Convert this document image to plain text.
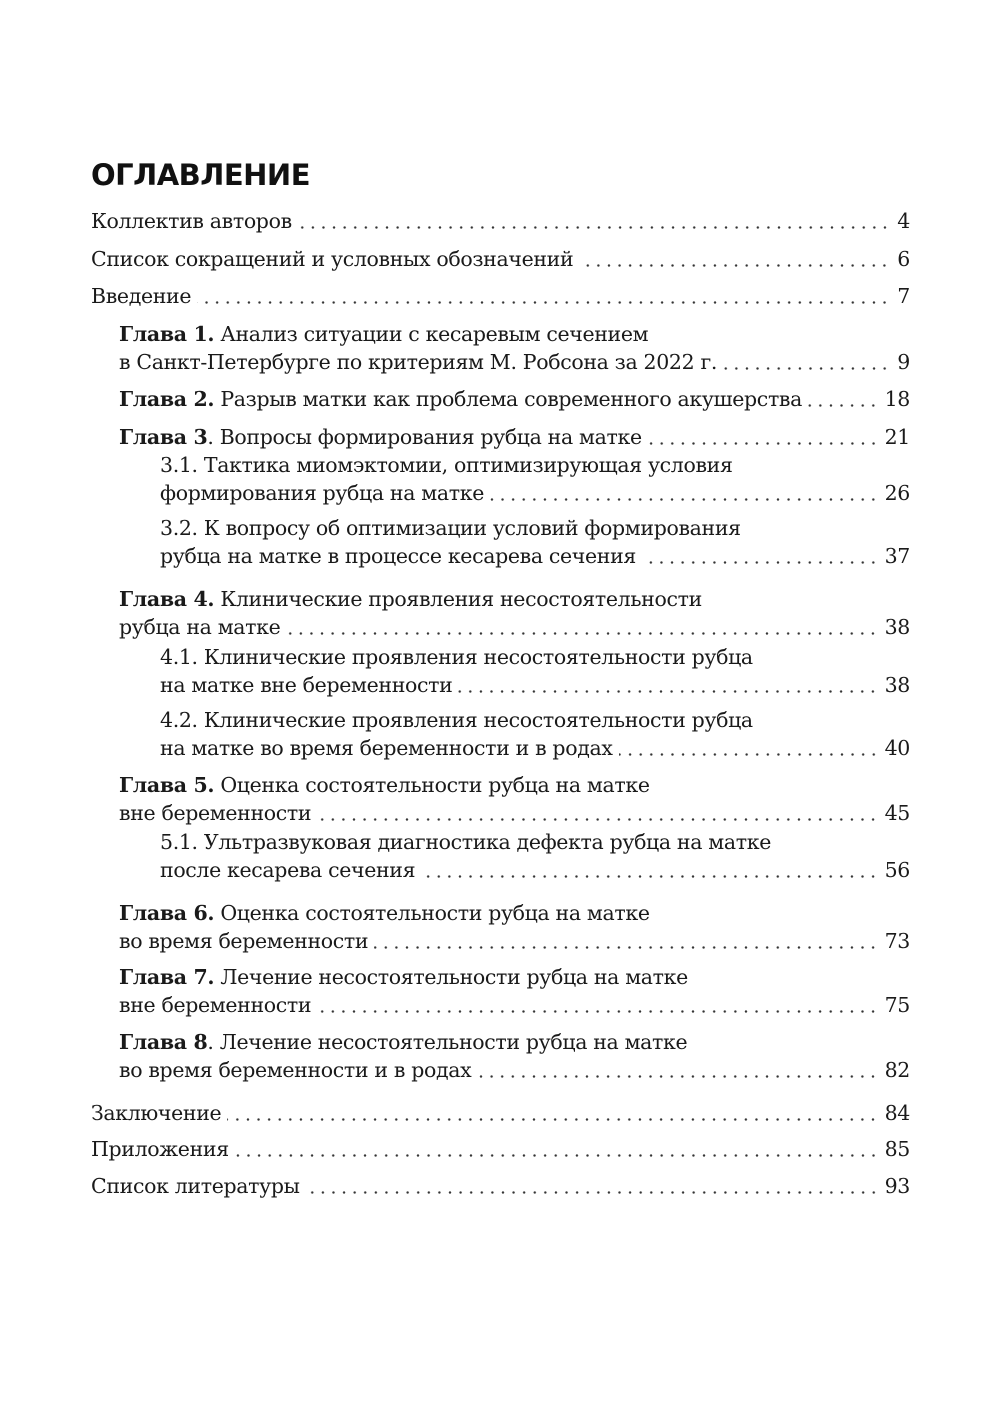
ОГЛАВЛЕНИЕ
Коллектив авторов	4
Список сокращений и условных обозначений	6
Введение	7
Глава 1. Анализ ситуации с кесаревым сечением
в Санкт-Петербурге по критериям М. Робсона за 2022 г.	9
Глава 2. Разрыв матки как проблема современного акушерства	18
Глава 3. Вопросы формирования рубца на матке	21
3.1. Тактика миомэктомии, оптимизирующая условия
формирования рубца на матке	26
3.2. К вопросу об оптимизации условий формирования
рубца на матке в процессе кесарева сечения	37
Глава 4. Клинические проявления несостоятельности
рубца на матке	38
4.1. Клинические проявления несостоятельности рубца
на матке вне беременности	38
4.2. Клинические проявления несостоятельности рубца
на матке во время беременности и в родах	40
Глава 5. Оценка состоятельности рубца на матке
вне беременности	45
5.1. Ультразвуковая диагностика дефекта рубца на матке
после кесарева сечения	56
Глава 6. Оценка состоятельности рубца на матке
во время беременности	73
Глава 7. Лечение несостоятельности рубца на матке
вне беременности	75
Глава 8. Лечение несостоятельности рубца на матке
во время беременности и в родах	82
Заключение	84
Приложения	85
Список литературы	93
